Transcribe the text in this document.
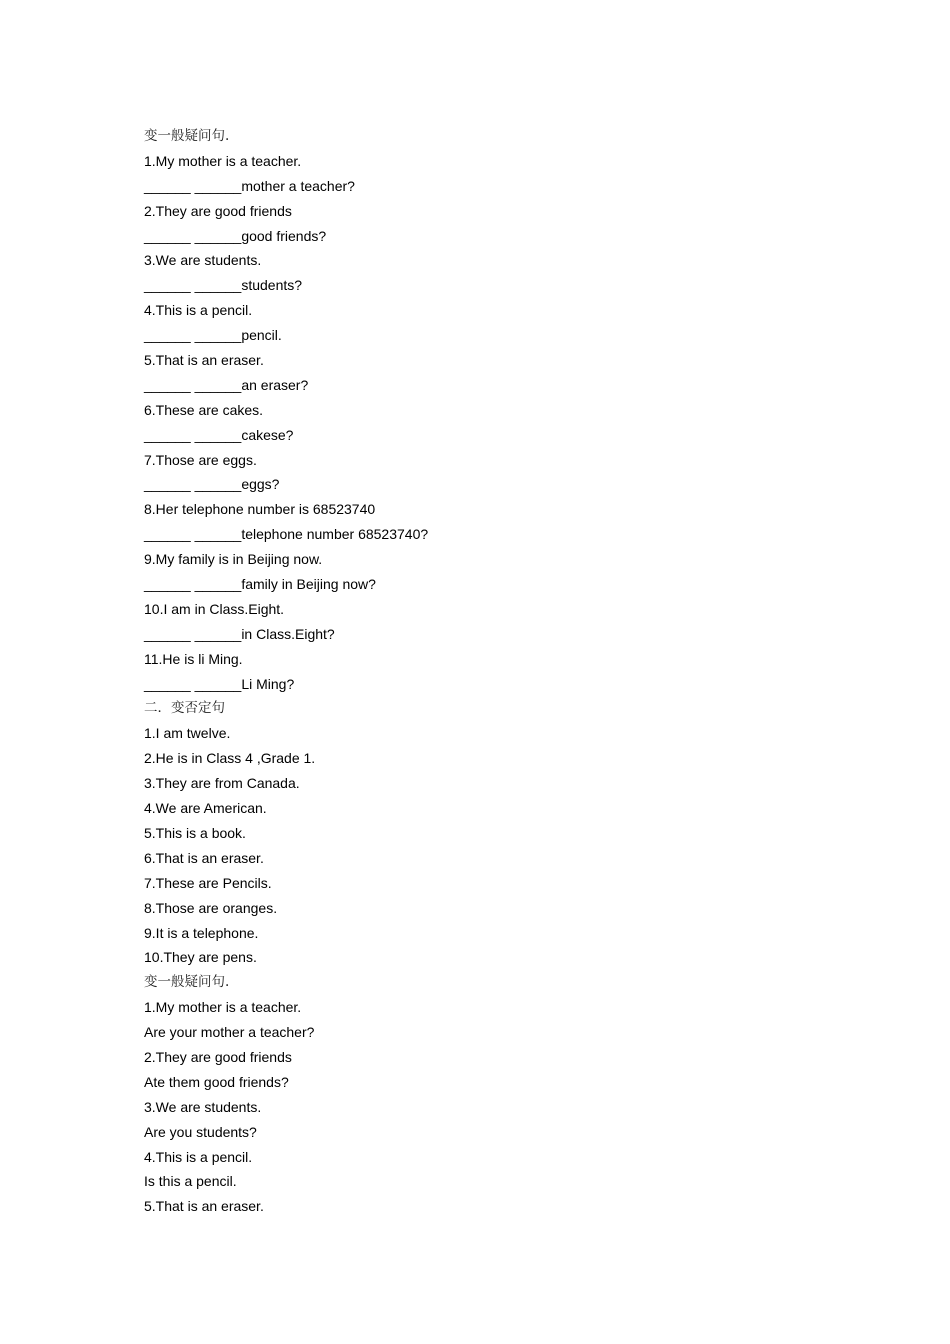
变一般疑问句.
1.My mother is a teacher.
______ ______mother a teacher?
2.They are good friends
______ ______good friends?
3.We are students.
______ ______students?
4.This is a pencil.
______ ______pencil.
5.That is an eraser.
______ ______an eraser?
6.These are cakes.
______ ______cakese?
7.Those are eggs.
______ ______eggs?
8.Her telephone number is 68523740
______ ______telephone number 68523740?
9.My family is in Beijing now.
______ ______family in Beijing now?
10.I am in Class.Eight.
______ ______in Class.Eight?
11.He is li Ming.
______ ______Li Ming?
二．变否定句
1.I am twelve.
2.He is in Class 4 ,Grade 1.
3.They are from Canada.
4.We are American.
5.This is a book.
6.That is an eraser.
7.These are Pencils.
8.Those are oranges.
9.It is a telephone.
10.They are pens.
变一般疑问句.
1.My mother is a teacher.
Are your mother a teacher?
2.They are good friends
Ate them good friends?
3.We are students.
Are you students?
4.This is a pencil.
Is this a pencil.
5.That is an eraser.
